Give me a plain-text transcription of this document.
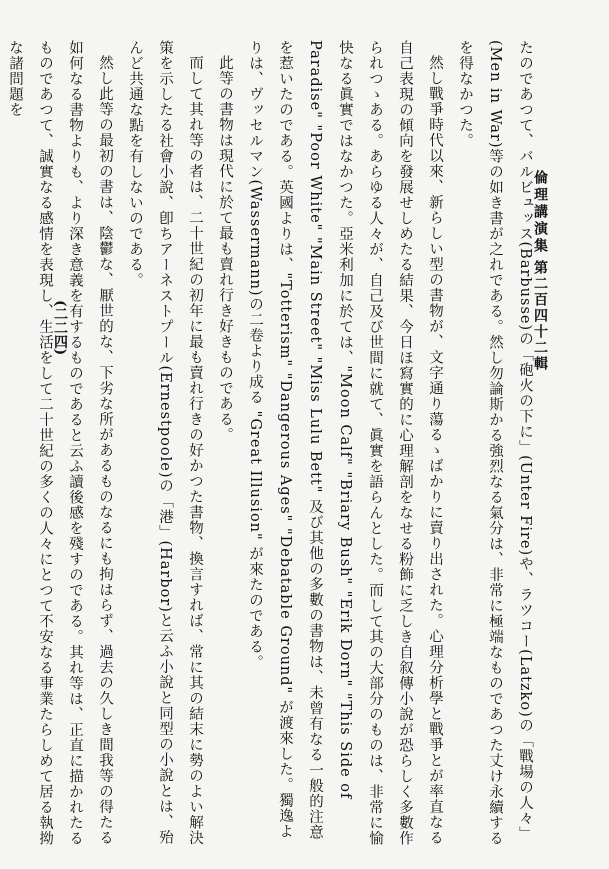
倫理講演集
第二百四十二輯
(二二四)	たのであつて、バルビュッス(Barbusse)の「砲火の下に」(Unter Fire)や、ラツコー(Latzko)の「戰場の人々」(Men in War)等の如き書が之れである。然し勿論斯かる強烈なる氣分は、非常に極端なものであつた丈け永續するを得なかつた。

然し戰爭時代以來、新らしい型の書物が、文字通り蕩るゝばかりに賣り出された。心理分析學と戰爭とが率直なる自己表現の傾向を發展せしめたる結果、今日ほ寫實的に心理解剖をなせる粉飾に乏しき自叙傳小說が恐らしく多數作られつゝある。あらゆる人々が、自己及び世間に就て、眞實を語らんとした。而して其の大部分のものは、非常に愉快なる眞實ではなかつた。亞米利加に於ては、"Moon Calf" "Briary Bush" "Erik Dorn" "This Side of Paradise" "Poor White" "Main Street" "Miss Lulu Bett" 及び其他の多數の書物は、未曾有なる一般的注意を惹いたのである。英國よりは、"Totterism" "Dangerous Ages" "Debatable Ground" が渡來した。獨逸よりは、ヴッセルマン(Wassermann)の二卷より成る "Great Illusion" が來たのである。

此等の書物は現代に於て最も賣れ行き好きものである。

而して其れ等の者は、二十世紀の初年に最も賣れ行きの好かつた書物、換言すれば、常に其の結末に勢のよい解決策を示したる社會小說、卽ちアーネストプール(Ernestpoole)の「港」(Harbor)と云ふ小說と同型の小說とは、殆んど共通な點を有しないのである。

然し此等の最初の書は、陰鬱な、厭世的な、下劣な所があるものなるにも拘はらず、過去の久しき間我等の得たる如何なる書物よりも、より深き意義を有するものであると云ふ讀後感を殘すのである。其れ等は、正直に描かれたるものであつて、誠實なる感情を表現し、生活をして二十世紀の多くの人々にとつて不安なる事業たらしめて居る執拗な諸問題を
